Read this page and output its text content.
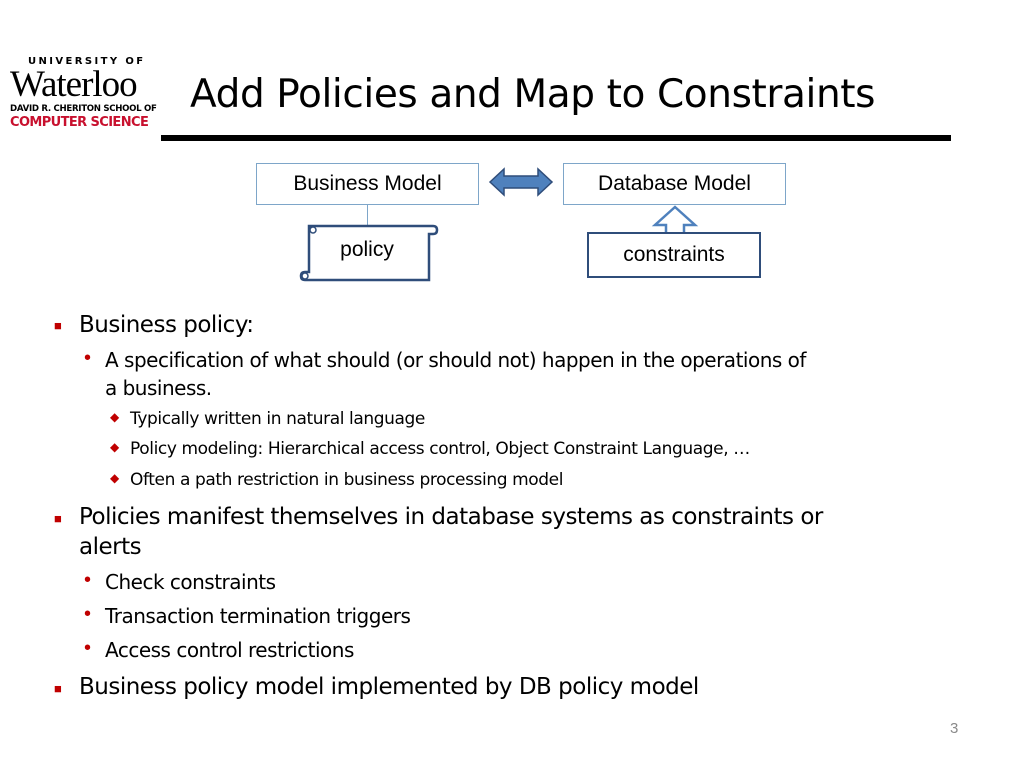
UNIVERSITY OF
Waterloo
DAVID R. CHERITON SCHOOL OF
COMPUTER SCIENCE
Add Policies and Map to Constraints
Business Model	Database Model
policy	constraints
■ Business policy:
• A specification of what should (or should not) happen in the operations of
a business.
◆ Typically written in natural language
◆ Policy modeling: Hierarchical access control, Object Constraint Language, …
◆ Often a path restriction in business processing model
■ Policies manifest themselves in database systems as constraints or
alerts
• Check constraints
• Transaction termination triggers
• Access control restrictions
■ Business policy model implemented by DB policy model
3
